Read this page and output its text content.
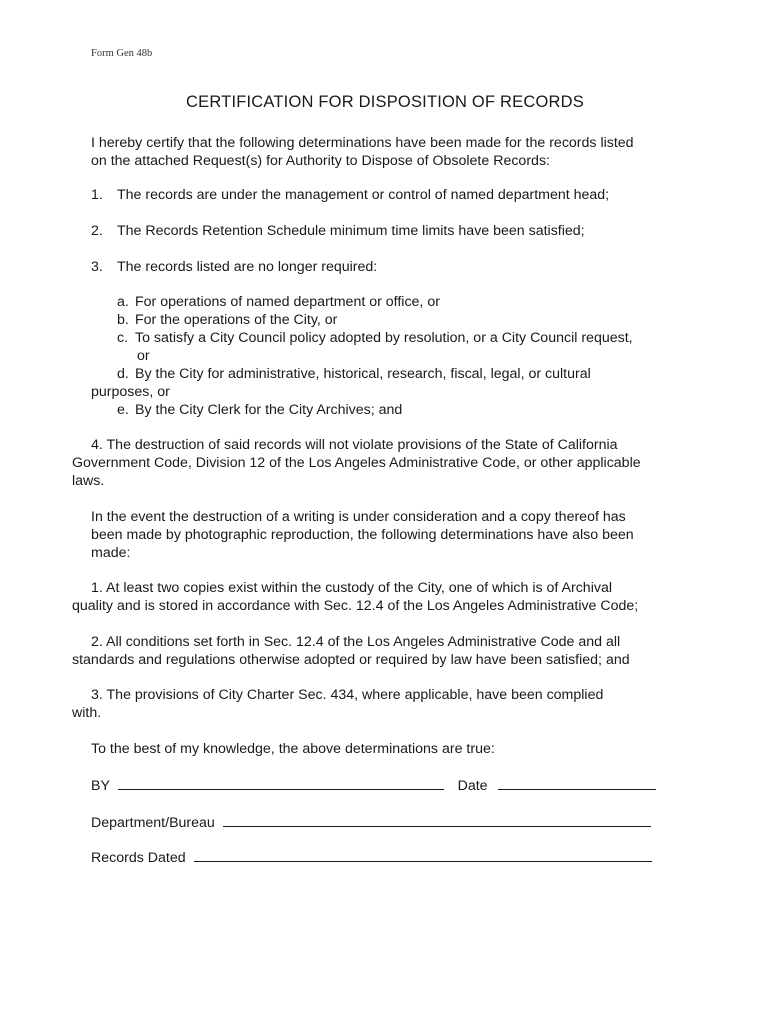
Form Gen 48b
CERTIFICATION FOR DISPOSITION OF RECORDS
I hereby certify that the following determinations have been made for the records listed
on the attached Request(s) for Authority to Dispose of Obsolete Records:
1. The records are under the management or control of named department head;
2. The Records Retention Schedule minimum time limits have been satisfied;
3. The records listed are no longer required:
a. For operations of named department or office, or
b. For the operations of the City, or
c. To satisfy a City Council policy adopted by resolution, or a City Council request,
or
d. By the City for administrative, historical, research, fiscal, legal, or cultural
purposes, or
e. By the City Clerk for the City Archives; and
4. The destruction of said records will not violate provisions of the State of California
Government Code, Division 12 of the Los Angeles Administrative Code, or other applicable
laws.
In the event the destruction of a writing is under consideration and a copy thereof has
been made by photographic reproduction, the following determinations have also been
made:
1. At least two copies exist within the custody of the City, one of which is of Archival
quality and is stored in accordance with Sec. 12.4 of the Los Angeles Administrative Code;
2. All conditions set forth in Sec. 12.4 of the Los Angeles Administrative Code and all
standards and regulations otherwise adopted or required by law have been satisfied; and
3. The provisions of City Charter Sec. 434, where applicable, have been complied
with.
To the best of my knowledge, the above determinations are true:
BY	Date
Department/Bureau
Records Dated
